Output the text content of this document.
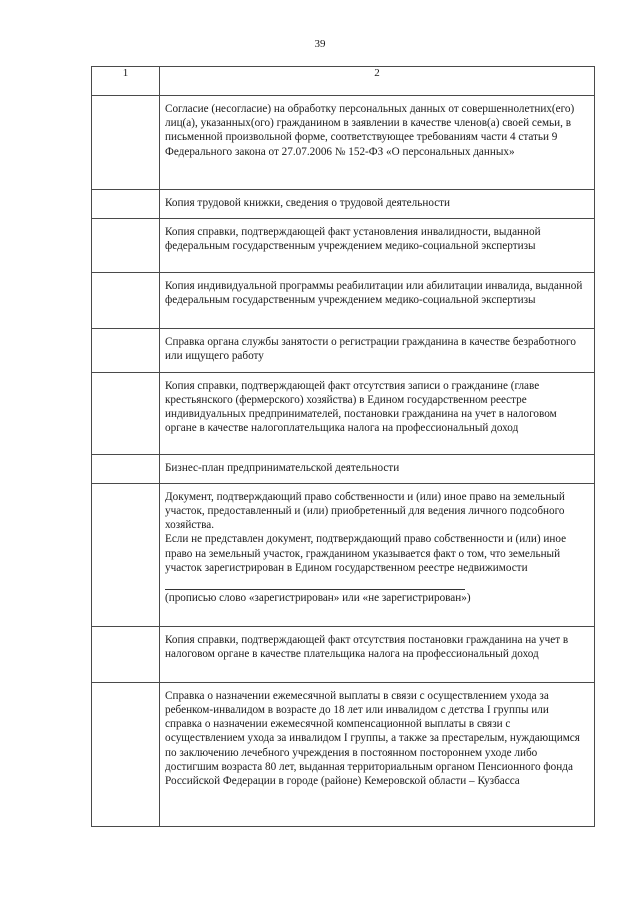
39
1	2

	Согласие (несогласие) на обработку персональных данных от совершеннолетних(его) лиц(а), указанных(ого) гражданином в заявлении в качестве членов(а) своей семьи, в письменной произвольной форме, соответствующее требованиям части 4 статьи 9 Федерального закона от 27.07.2006 № 152-ФЗ «О персональных данных»

	Копия трудовой книжки, сведения о трудовой деятельности

	Копия справки, подтверждающей факт установления инвалидности, выданной федеральным государственным учреждением медико-социальной экспертизы

	Копия индивидуальной программы реабилитации или абилитации инвалида, выданной федеральным государственным учреждением медико-социальной экспертизы

	Справка органа службы занятости о регистрации гражданина в качестве безработного или ищущего работу

	Копия справки, подтверждающей факт отсутствия записи о гражданине (главе крестьянского (фермерского) хозяйства) в Едином государственном реестре индивидуальных предпринимателей, постановки гражданина на учет в налоговом органе в качестве налогоплательщика налога на профессиональный доход

	Бизнес-план предпринимательской деятельности

	Документ, подтверждающий право собственности и (или) иное право на земельный участок, предоставленный и (или) приобретенный для ведения личного подсобного хозяйства.

Если не представлен документ, подтверждающий право собственности и (или) иное право на земельный участок, гражданином указывается факт о том, что земельный участок зарегистрирован в Едином государственном реестре недвижимости

(прописью слово «зарегистрирован» или «не зарегистрирован»)

	Копия справки, подтверждающей факт отсутствия постановки гражданина на учет в налоговом органе в качестве плательщика налога на профессиональный доход

	Справка о назначении ежемесячной выплаты в связи с осуществлением ухода за ребенком-инвалидом в возрасте до 18 лет или инвалидом с детства I группы или справка о назначении ежемесячной компенсационной выплаты в связи с осуществлением ухода за инвалидом I группы, а также за престарелым, нуждающимся по заключению лечебного учреждения в постоянном постороннем уходе либо достигшим возраста 80 лет, выданная территориальным органом Пенсионного фонда Российской Федерации в городе (районе) Кемеровской области – Кузбасса
